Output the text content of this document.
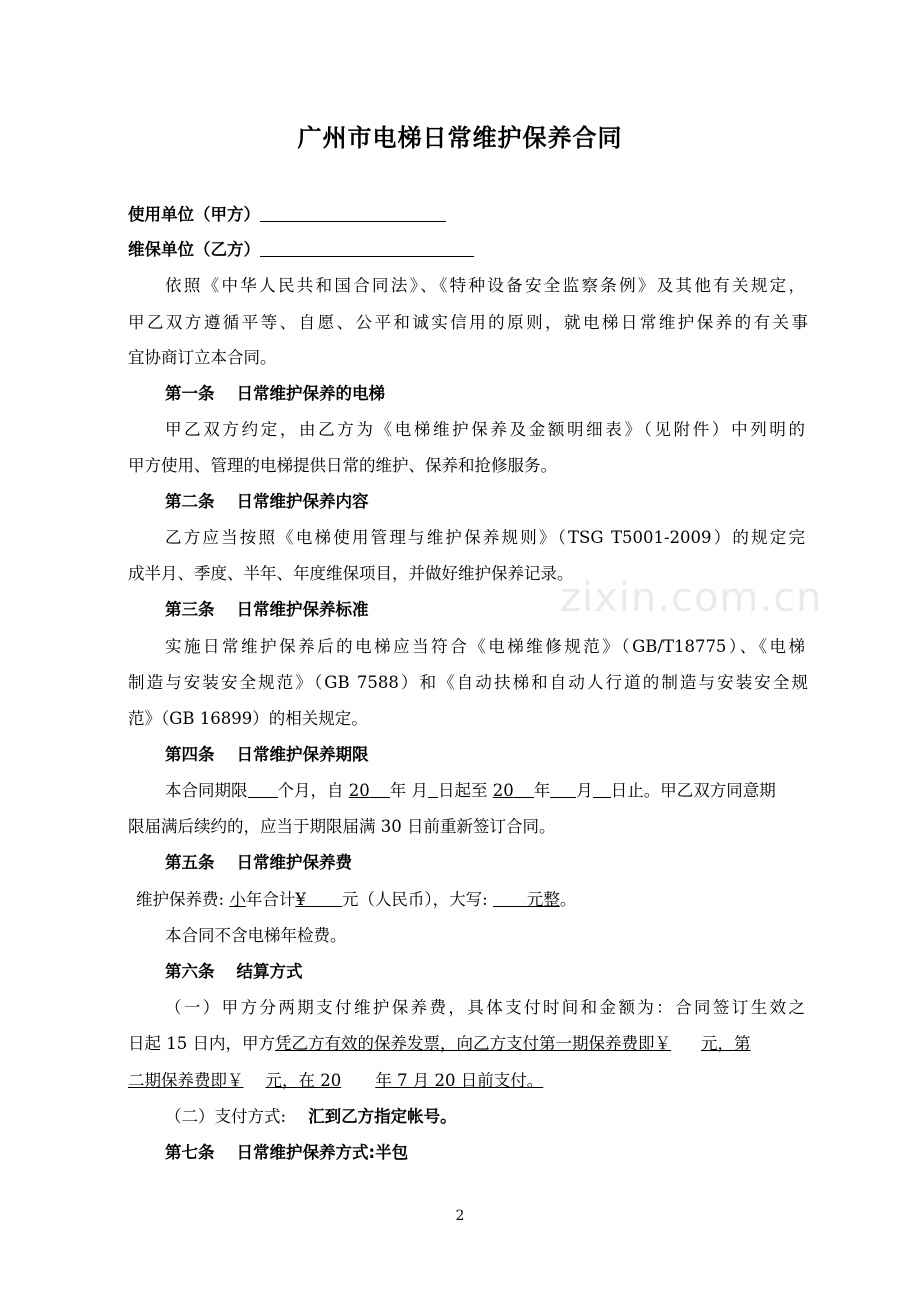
广州市电梯日常维护保养合同
使用单位（甲方）
维保单位（乙方）
依照《中华人民共和国合同法》、《特种设备安全监察条例》及其他有关规定，
甲乙双方遵循平等、自愿、公平和诚实信用的原则，就电梯日常维护保养的有关事
宜协商订立本合同。
第一条 日常维护保养的电梯
甲乙双方约定，由乙方为《电梯维护保养及金额明细表》（见附件）中列明的
甲方使用、管理的电梯提供日常的维护、保养和抢修服务。
第二条 日常维护保养内容
乙方应当按照《电梯使用管理与维护保养规则》（TSG T5001-2009）的规定完
成半月、季度、半年、年度维保项目，并做好维护保养记录。
第三条 日常维护保养标准
实施日常维护保养后的电梯应当符合《电梯维修规范》（GB/T18775）、《电梯
制造与安装安全规范》（GB 7588）和《自动扶梯和自动人行道的制造与安装安全规
范》（GB 16899）的相关规定。
第四条 日常维护保养期限
本合同期限 个月，自 20 年 月 日起至 20 年 月 日止。甲乙双方同意期
限届满后续约的，应当于期限届满 30 日前重新签订合同。
第五条 日常维护保养费
维护保养费: 小年合计¥ 元（人民币），大写: 元整。
本合同不含电梯年检费。
第六条 结算方式
（一）甲方分两期支付维护保养费，具体支付时间和金额为：合同签订生效之
日起 15 日内，甲方凭乙方有效的保养发票，向乙方支付第一期保养费即￥ 元，第
二期保养费即￥ 元，在 20 年 7 月 20 日前支付。
（二）支付方式: 汇到乙方指定帐号。
第七条 日常维护保养方式:半包
zixin.com.cn
2
